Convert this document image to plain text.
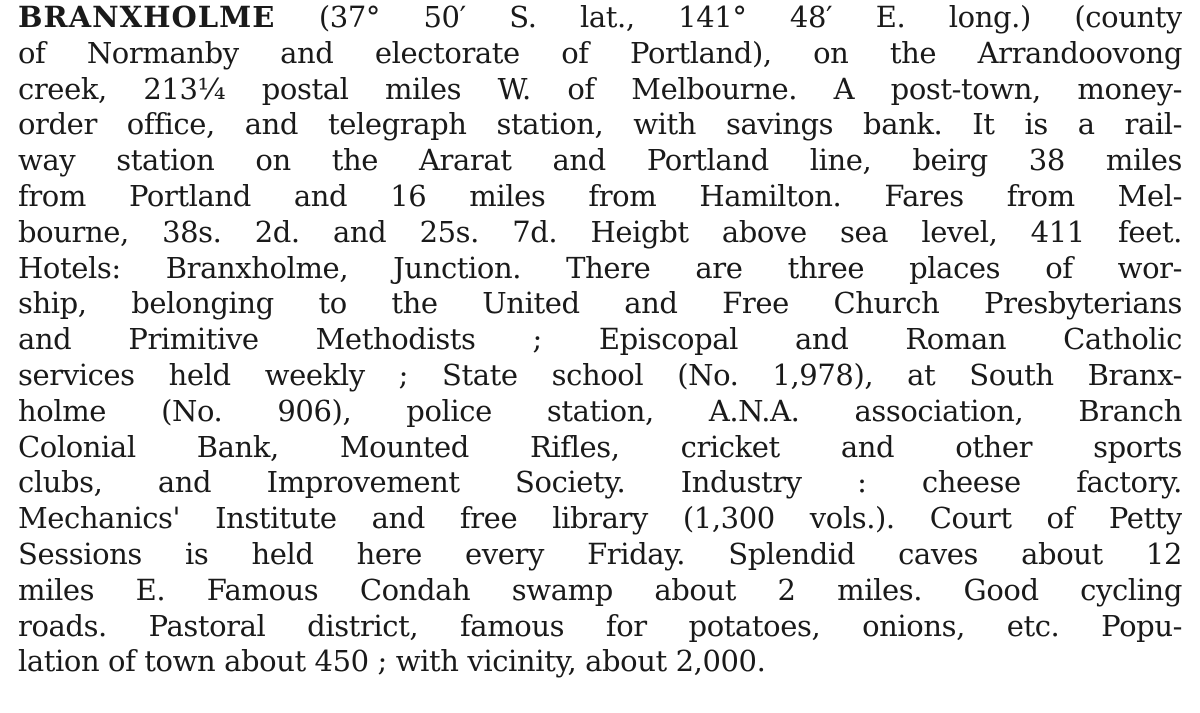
BRANXHOLME (37° 50′ S. lat., 141° 48′ E. long.) (county
of Normanby and electorate of Portland), on the Arrandoovong
creek, 213¼ postal miles W. of Melbourne. A post-town, money-
order office, and telegraph station, with savings bank. It is a rail-
way station on the Ararat and Portland line, beirg 38 miles
from Portland and 16 miles from Hamilton. Fares from Mel-
bourne, 38s. 2d. and 25s. 7d. Heigbt above sea level, 411 feet.
Hotels: Branxholme, Junction. There are three places of wor-
ship, belonging to the United and Free Church Presbyterians
and Primitive Methodists ; Episcopal and Roman Catholic
services held weekly ; State school (No. 1,978), at South Branx-
holme (No. 906), police station, A.N.A. association, Branch
Colonial Bank, Mounted Rifles, cricket and other sports
clubs, and Improvement Society. Industry : cheese factory.
Mechanics' Institute and free library (1,300 vols.). Court of Petty
Sessions is held here every Friday. Splendid caves about 12
miles E. Famous Condah swamp about 2 miles. Good cycling
roads. Pastoral district, famous for potatoes, onions, etc. Popu-
lation of town about 450 ; with vicinity, about 2,000.
